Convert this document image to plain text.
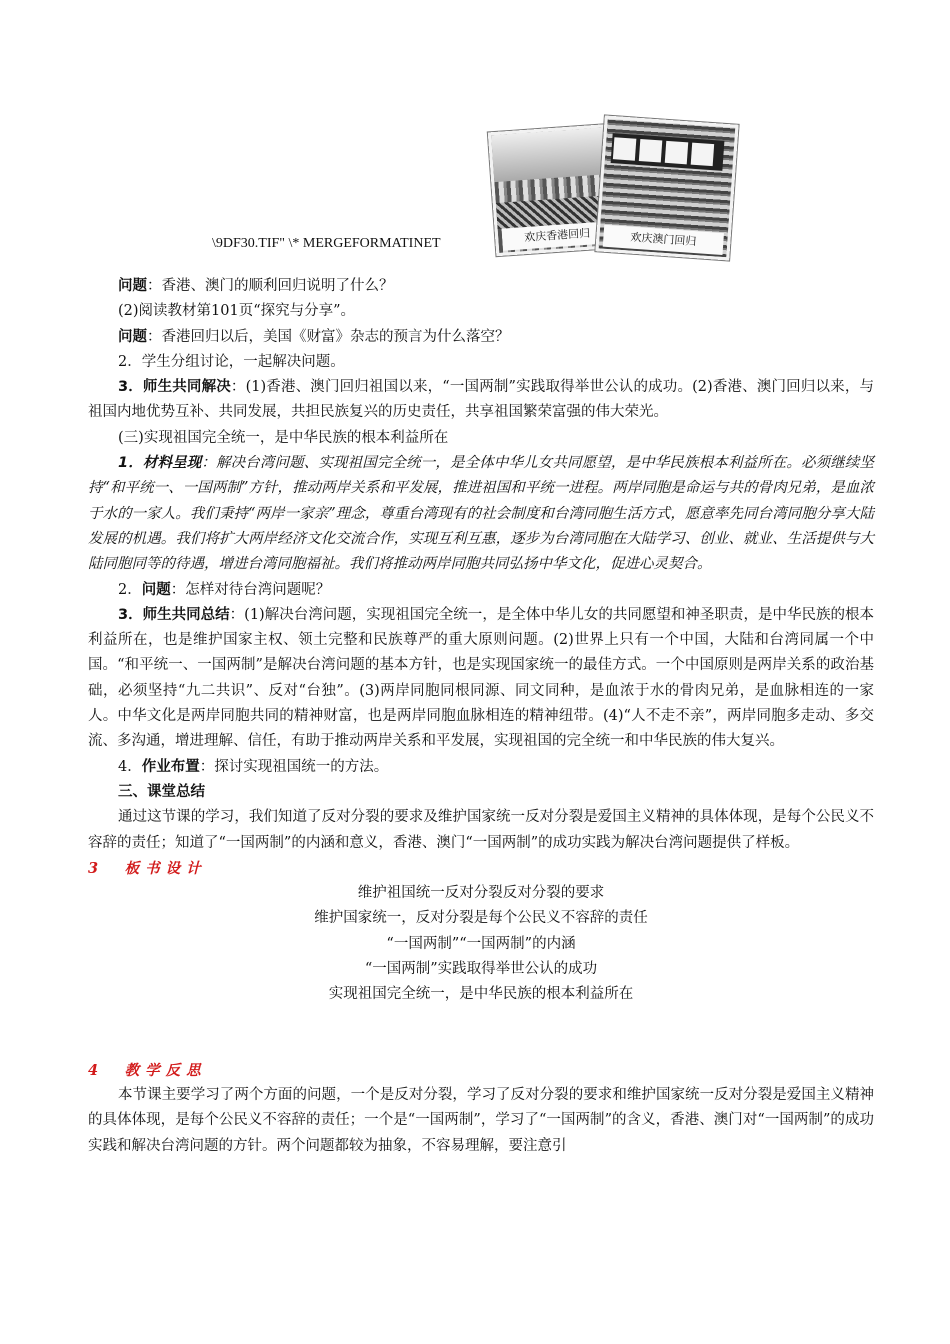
欢庆香港回归	欢庆澳门回归
\9DF30.TIF" \* MERGEFORMATINET

问题：香港、澳门的顺利回归说明了什么？

(2)阅读教材第101页“探究与分享”。

问题：香港回归以后，美国《财富》杂志的预言为什么落空？

2．学生分组讨论，一起解决问题。

3．师生共同解决：(1)香港、澳门回归祖国以来，“一国两制”实践取得举世公认的成功。(2)香港、澳门回归以来，与祖国内地优势互补、共同发展，共担民族复兴的历史责任，共享祖国繁荣富强的伟大荣光。

(三)实现祖国完全统一，是中华民族的根本利益所在

1．材料呈现：解决台湾问题、实现祖国完全统一，是全体中华儿女共同愿望，是中华民族根本利益所在。必须继续坚持“和平统一、一国两制”方针，推动两岸关系和平发展，推进祖国和平统一进程。两岸同胞是命运与共的骨肉兄弟，是血浓于水的一家人。我们秉持“两岸一家亲”理念，尊重台湾现有的社会制度和台湾同胞生活方式，愿意率先同台湾同胞分享大陆发展的机遇。我们将扩大两岸经济文化交流合作，实现互利互惠，逐步为台湾同胞在大陆学习、创业、就业、生活提供与大陆同胞同等的待遇，增进台湾同胞福祉。我们将推动两岸同胞共同弘扬中华文化，促进心灵契合。

2．问题：怎样对待台湾问题呢？

3．师生共同总结：(1)解决台湾问题，实现祖国完全统一，是全体中华儿女的共同愿望和神圣职责，是中华民族的根本利益所在，也是维护国家主权、领土完整和民族尊严的重大原则问题。(2)世界上只有一个中国，大陆和台湾同属一个中国。“和平统一、一国两制”是解决台湾问题的基本方针，也是实现国家统一的最佳方式。一个中国原则是两岸关系的政治基础，必须坚持“九二共识”、反对“台独”。(3)两岸同胞同根同源、同文同种，是血浓于水的骨肉兄弟，是血脉相连的一家人。中华文化是两岸同胞共同的精神财富，也是两岸同胞血脉相连的精神纽带。(4)“人不走不亲”，两岸同胞多走动、多交流、多沟通，增进理解、信任，有助于推动两岸关系和平发展，实现祖国的完全统一和中华民族的伟大复兴。

4．作业布置：探讨实现祖国统一的方法。

三、课堂总结

通过这节课的学习，我们知道了反对分裂的要求及维护国家统一反对分裂是爱国主义精神的具体体现，是每个公民义不容辞的责任；知道了“一国两制”的内涵和意义，香港、澳门“一国两制”的成功实践为解决台湾问题提供了样板。

3　板书设计

维护祖国统一反对分裂反对分裂的要求

维护国家统一，反对分裂是每个公民义不容辞的责任

“一国两制”“一国两制”的内涵

“一国两制”实践取得举世公认的成功

实现祖国完全统一，是中华民族的根本利益所在

4　教学反思

本节课主要学习了两个方面的问题，一个是反对分裂，学习了反对分裂的要求和维护国家统一反对分裂是爱国主义精神的具体体现，是每个公民义不容辞的责任；一个是“一国两制”，学习了“一国两制”的含义，香港、澳门对“一国两制”的成功实践和解决台湾问题的方针。两个问题都较为抽象，不容易理解，要注意引
